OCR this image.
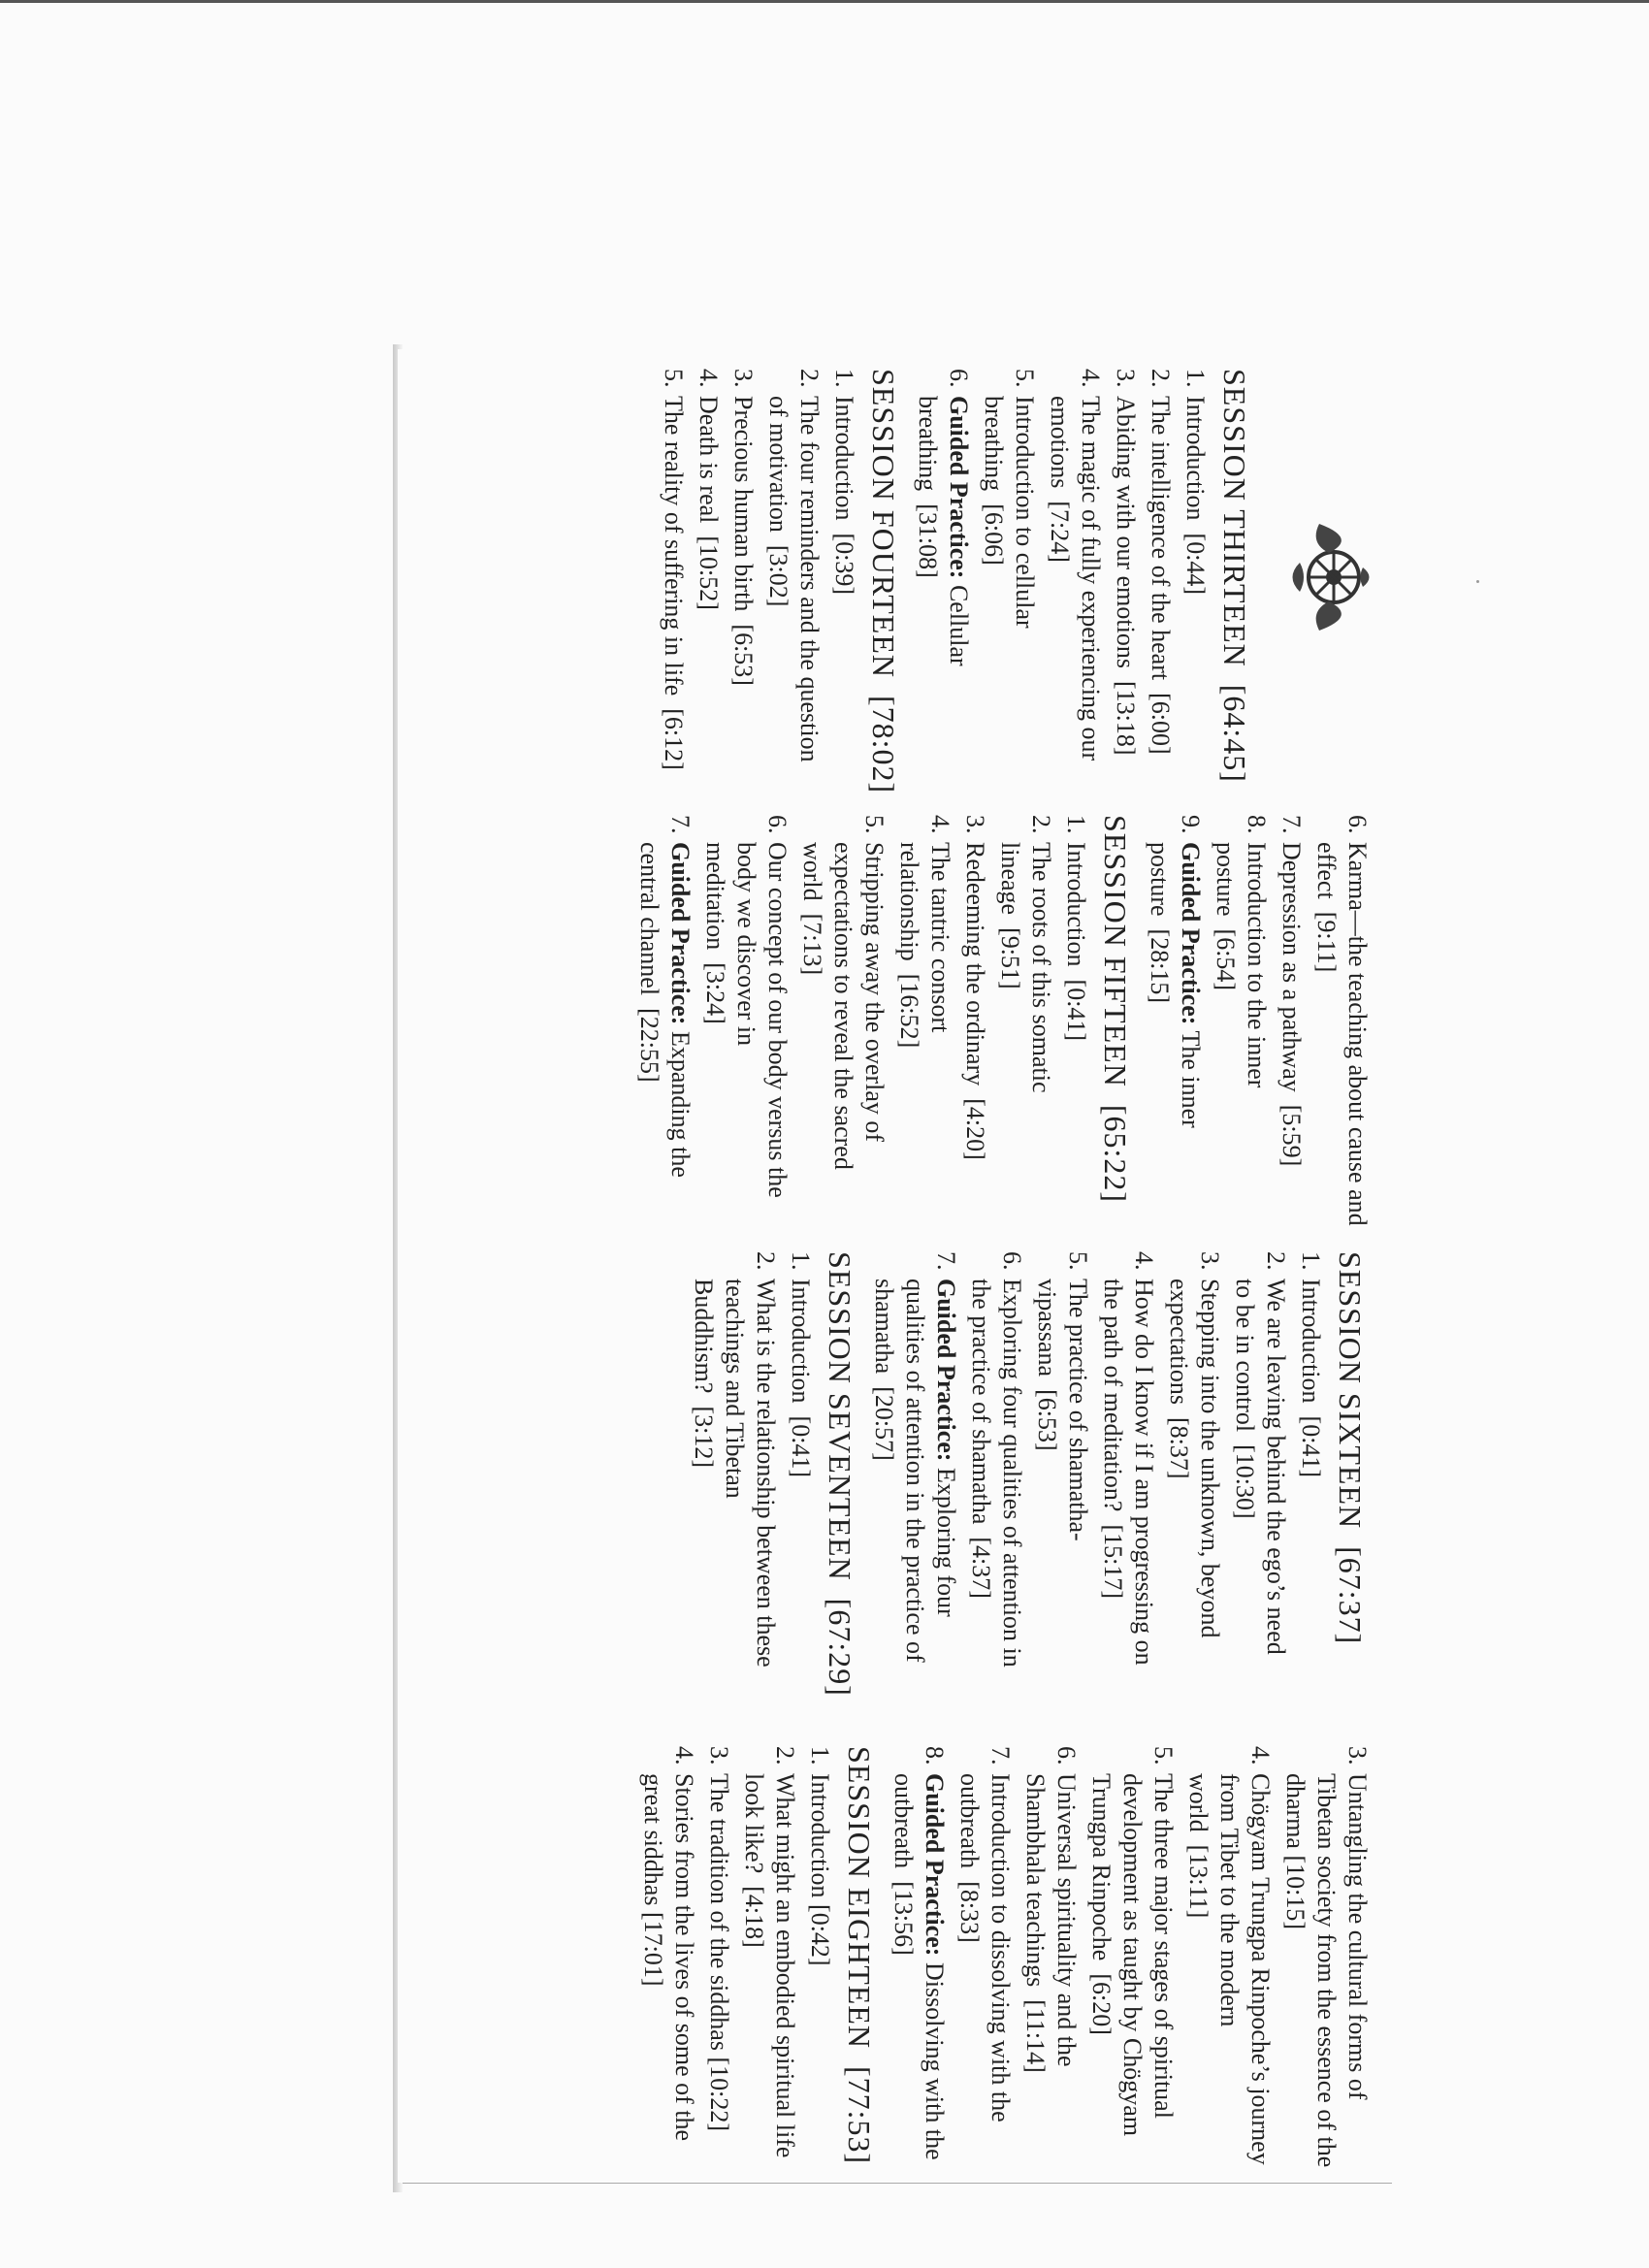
SESSION THIRTEEN  [64:45]
1.
Introduction  [0:44]
2.
The intelligence of the heart  [6:00]
3.
Abiding with our emotions  [13:18]
4.
The magic of fully experiencing our emotions  [7:24]
5.
Introduction to cellular breathing  [6:06]
6.
Guided Practice: Cellular breathing  [31:08]
SESSION FOURTEEN  [78:02]
1.
Introduction  [0:39]
2.
The four reminders and the question of motivation  [3:02]
3.
Precious human birth  [6:53]
4.
Death is real  [10:52]
5.
The reality of suffering in life  [6:12]
6.
Karma—the teaching about cause and effect  [9:11]
7.
Depression as a pathway  [5:59]
8.
Introduction to the inner posture  [6:54]
9.
Guided Practice: The inner posture  [28:15]
SESSION FIFTEEN  [65:22]
1.
Introduction  [0:41]
2.
The roots of this somatic lineage  [9:51]
3.
Redeeming the ordinary  [4:20]
4.
The tantric consort relationship  [16:52]
5.
Stripping away the overlay of expectations to reveal the sacred world  [7:13]
6.
Our concept of our body versus the body we discover in meditation  [3:24]
7.
Guided Practice: Expanding the central channel  [22:55]
SESSION SIXTEEN  [67:37]
1.
Introduction  [0:41]
2.
We are leaving behind the ego’s need to be in control  [10:30]
3.
Stepping into the unknown, beyond expectations  [8:37]
4.
How do I know if I am progressing on the path of meditation?  [15:17]
5.
The practice of shamatha-vipassana  [6:53]
6.
Exploring four qualities of attention in the practice of shamatha  [4:37]
7.
Guided Practice: Exploring four qualities of attention in the practice of shamatha  [20:57]
SESSION SEVENTEEN  [67:29]
1.
Introduction  [0:41]
2.
What is the relationship between these teachings and Tibetan Buddhism?  [3:12]
3.
Untangling the cultural forms of Tibetan society from the essence of the dharma [10:15]
4.
Chögyam Trungpa Rinpoche’s journey from Tibet to the modern world  [13:11]
5.
The three major stages of spiritual development as taught by Chögyam Trungpa Rinpoche  [6:20]
6.
Universal spirituality and the Shambhala teachings  [11:14]
7.
Introduction to dissolving with the outbreath  [8:33]
8.
Guided Practice: Dissolving with the outbreath  [13:56]
SESSION EIGHTEEN  [77:53]
1.
Introduction [0:42]
2.
What might an embodied spiritual life look like?  [4:18]
3.
The tradition of the siddhas [10:22]
4.
Stories from the lives of some of the great siddhas [17:01]
